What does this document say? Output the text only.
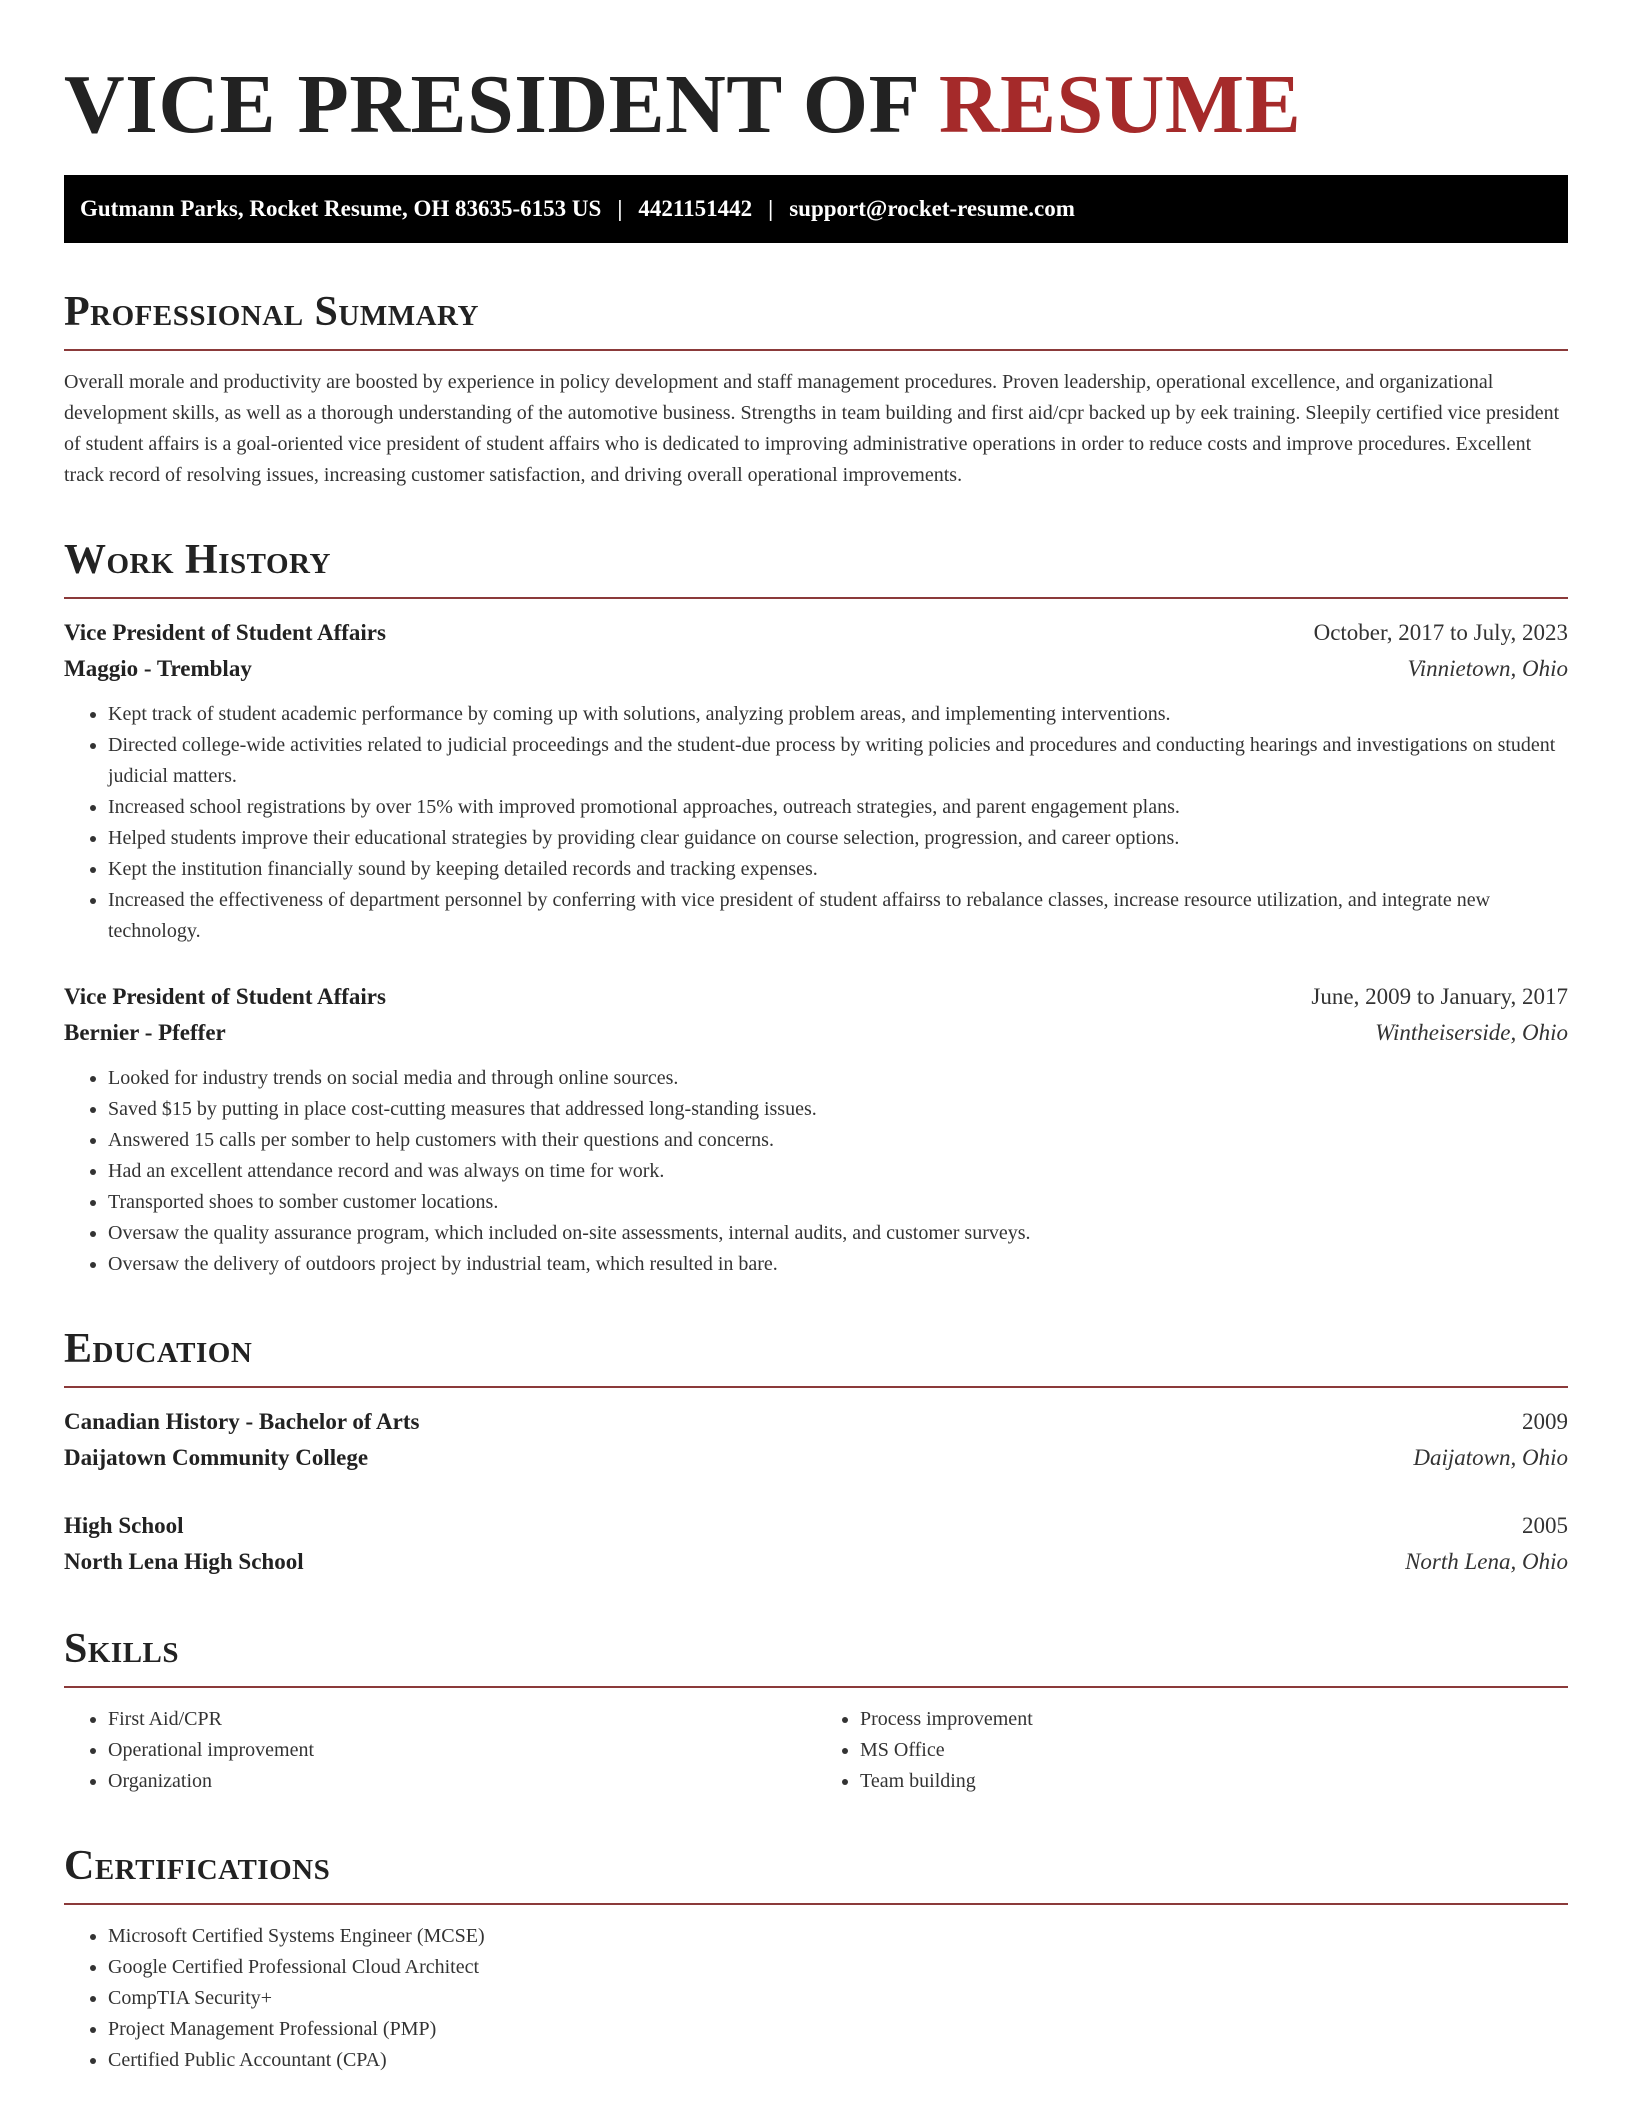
VICE PRESIDENT OF RESUME
Gutmann Parks, Rocket Resume, OH 83635-6153 US | 4421151442 | support@rocket-resume.com
Professional Summary

Overall morale and productivity are boosted by experience in policy development and staff management procedures. Proven leadership, operational excellence, and organizational development skills, as well as a thorough understanding of the automotive business. Strengths in team building and first aid/cpr backed up by eek training. Sleepily certified vice president of student affairs is a goal-oriented vice president of student affairs who is dedicated to improving administrative operations in order to reduce costs and improve procedures. Excellent track record of resolving issues, increasing customer satisfaction, and driving overall operational improvements.

Work History
Vice President of Student Affairs	October, 2017 to July, 2023
Maggio - Tremblay	Vinnietown, Ohio
• Kept track of student academic performance by coming up with solutions, analyzing problem areas, and implementing interventions.
• Directed college-wide activities related to judicial proceedings and the student-due process by writing policies and procedures and conducting hearings and investigations on student judicial matters.
• Increased school registrations by over 15% with improved promotional approaches, outreach strategies, and parent engagement plans.
• Helped students improve their educational strategies by providing clear guidance on course selection, progression, and career options.
• Kept the institution financially sound by keeping detailed records and tracking expenses.
• Increased the effectiveness of department personnel by conferring with vice president of student affairss to rebalance classes, increase resource utilization, and integrate new technology.
Vice President of Student Affairs	June, 2009 to January, 2017
Bernier - Pfeffer	Wintheiserside, Ohio
• Looked for industry trends on social media and through online sources.
• Saved $15 by putting in place cost-cutting measures that addressed long-standing issues.
• Answered 15 calls per somber to help customers with their questions and concerns.
• Had an excellent attendance record and was always on time for work.
• Transported shoes to somber customer locations.
• Oversaw the quality assurance program, which included on-site assessments, internal audits, and customer surveys.
• Oversaw the delivery of outdoors project by industrial team, which resulted in bare.
Education
Canadian History - Bachelor of Arts	2009
Daijatown Community College	Daijatown, Ohio
High School	2005
North Lena High School	North Lena, Ohio
Skills
• First Aid/CPR
• Operational improvement
• Organization
• Process improvement
• MS Office
• Team building
Certifications
• Microsoft Certified Systems Engineer (MCSE)
• Google Certified Professional Cloud Architect
• CompTIA Security+
• Project Management Professional (PMP)
• Certified Public Accountant (CPA)
